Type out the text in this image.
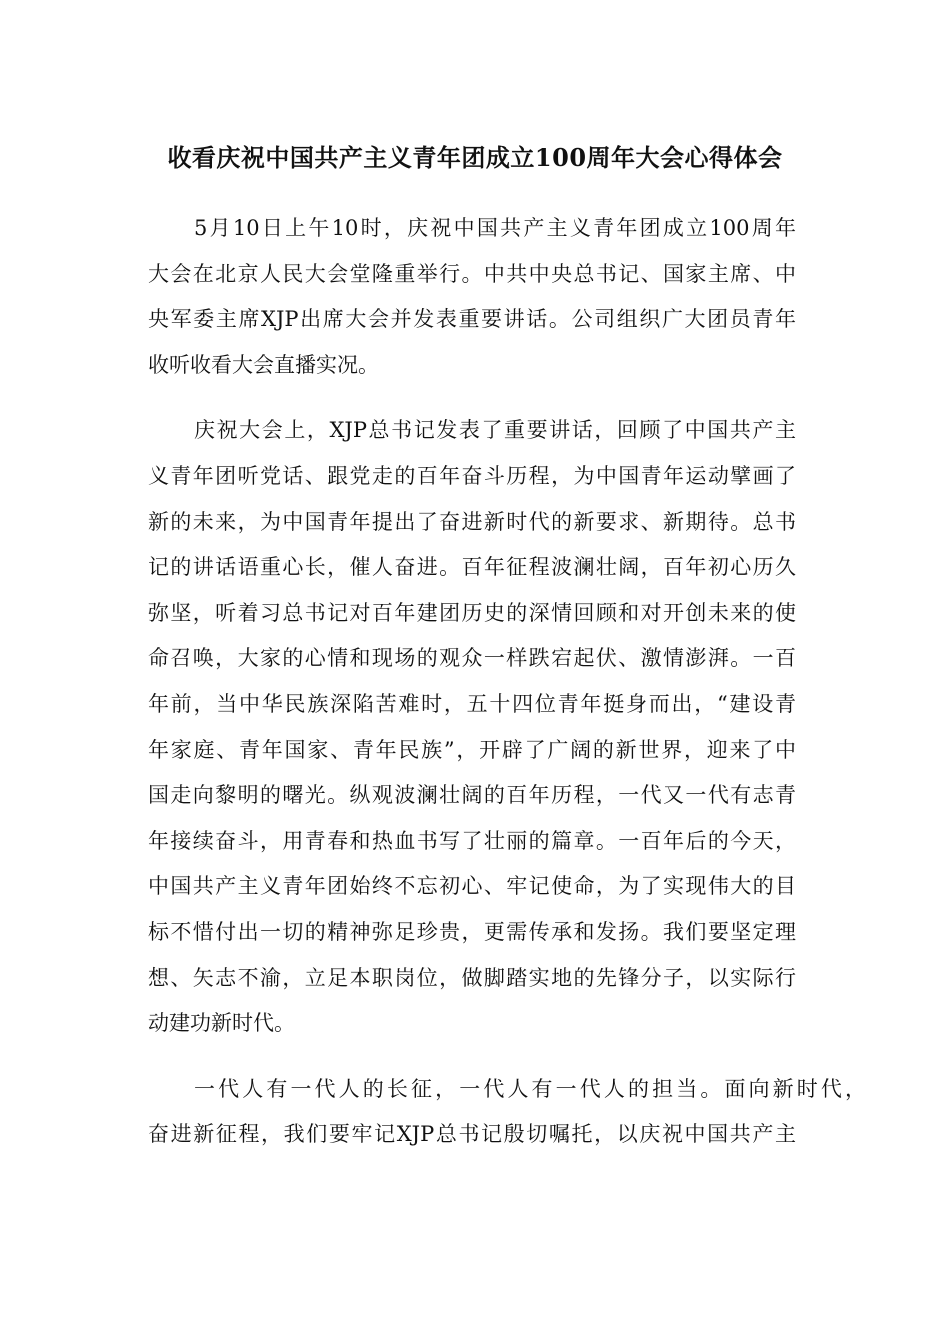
收看庆祝中国共产主义青年团成立100周年大会心得体会
5月10日上午10时，庆祝中国共产主义青年团成立100周年
大会在北京人民大会堂隆重举行。中共中央总书记、国家主席、中
央军委主席XJP出席大会并发表重要讲话。公司组织广大团员青年
收听收看大会直播实况。
庆祝大会上，XJP总书记发表了重要讲话，回顾了中国共产主
义青年团听党话、跟党走的百年奋斗历程，为中国青年运动擘画了
新的未来，为中国青年提出了奋进新时代的新要求、新期待。总书
记的讲话语重心长，催人奋进。百年征程波澜壮阔，百年初心历久
弥坚，听着习总书记对百年建团历史的深情回顾和对开创未来的使
命召唤，大家的心情和现场的观众一样跌宕起伏、激情澎湃。一百
年前，当中华民族深陷苦难时，五十四位青年挺身而出，“建设青
年家庭、青年国家、青年民族”，开辟了广阔的新世界，迎来了中
国走向黎明的曙光。纵观波澜壮阔的百年历程，一代又一代有志青
年接续奋斗，用青春和热血书写了壮丽的篇章。一百年后的今天，
中国共产主义青年团始终不忘初心、牢记使命，为了实现伟大的目
标不惜付出一切的精神弥足珍贵，更需传承和发扬。我们要坚定理
想、矢志不渝，立足本职岗位，做脚踏实地的先锋分子，以实际行
动建功新时代。
一代人有一代人的长征，一代人有一代人的担当。面向新时代，
奋进新征程，我们要牢记XJP总书记殷切嘱托，以庆祝中国共产主
